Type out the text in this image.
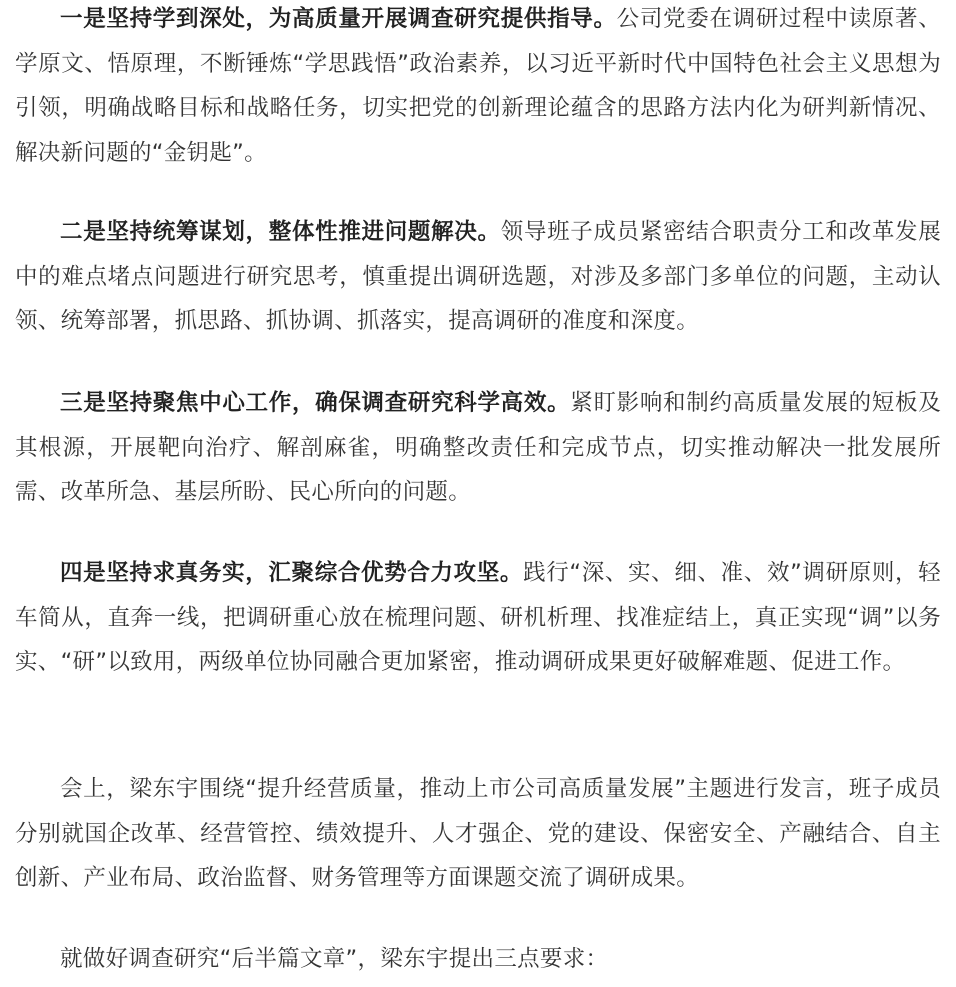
一是坚持学到深处，为高质量开展调查研究提供指导。公司党委在调研过程中读原著、学原文、悟原理，不断锤炼“学思践悟”政治素养，以习近平新时代中国特色社会主义思想为引领，明确战略目标和战略任务，切实把党的创新理论蕴含的思路方法内化为研判新情况、解决新问题的“金钥匙”。

二是坚持统筹谋划，整体性推进问题解决。领导班子成员紧密结合职责分工和改革发展中的难点堵点问题进行研究思考，慎重提出调研选题，对涉及多部门多单位的问题，主动认领、统筹部署，抓思路、抓协调、抓落实，提高调研的准度和深度。

三是坚持聚焦中心工作，确保调查研究科学高效。紧盯影响和制约高质量发展的短板及其根源，开展靶向治疗、解剖麻雀，明确整改责任和完成节点，切实推动解决一批发展所需、改革所急、基层所盼、民心所向的问题。

四是坚持求真务实，汇聚综合优势合力攻坚。践行“深、实、细、准、效”调研原则，轻车简从，直奔一线，把调研重心放在梳理问题、研机析理、找准症结上，真正实现“调”以务实、“研”以致用，两级单位协同融合更加紧密，推动调研成果更好破解难题、促进工作。

会上，梁东宇围绕“提升经营质量，推动上市公司高质量发展”主题进行发言，班子成员分别就国企改革、经营管控、绩效提升、人才强企、党的建设、保密安全、产融结合、自主创新、产业布局、政治监督、财务管理等方面课题交流了调研成果。

就做好调查研究“后半篇文章”，梁东宇提出三点要求：
